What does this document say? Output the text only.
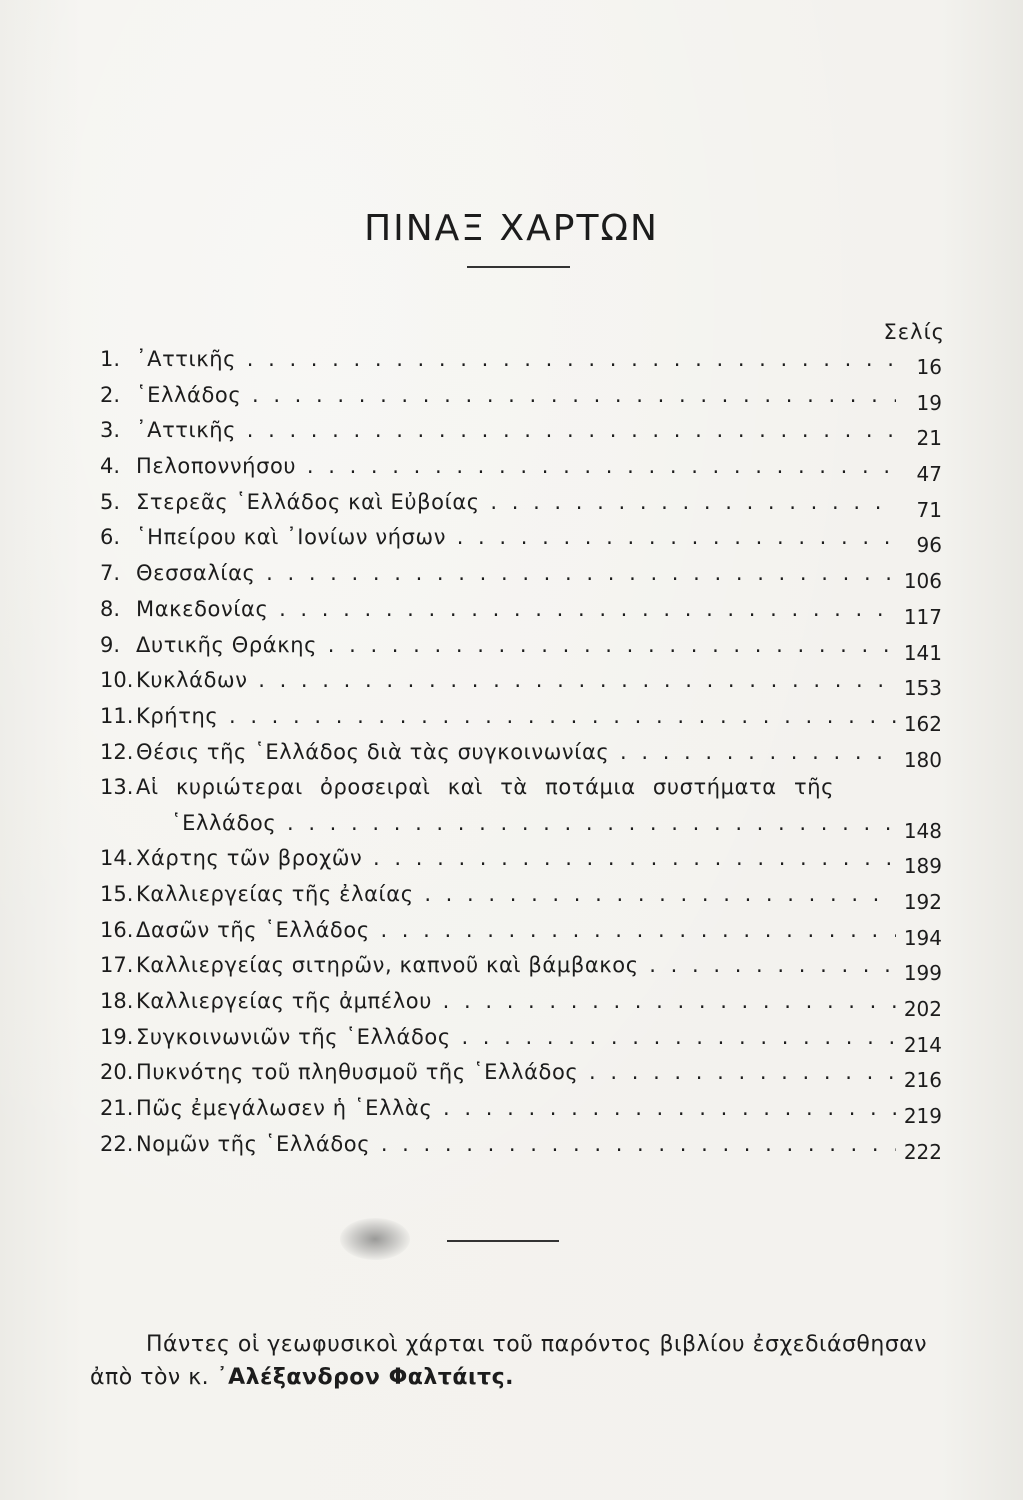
ΠΙΝΑΞ ΧΑΡΤΩΝ
Σελίς
1. ᾿Αττικῆς . . .	16
2. ῾Ελλάδος . . .	19
3. ᾿Αττικῆς . . .	21
4. Πελοποννήσου . . .	47
5. Στερεᾶς ῾Ελλάδος καὶ Εὐβοίας . . .	71
6. ῾Ηπείρου καὶ ᾿Ιονίων νήσων . . .	96
7. Θεσσαλίας . . .	106
8. Μακεδονίας . . .	117
9. Δυτικῆς Θράκης . . .	141
10. Κυκλάδων . . .	153
11. Κρήτης . . .	162
12. Θέσις τῆς ῾Ελλάδος διὰ τὰς συγκοινωνίας . . .	180
13. Αἱ κυριώτεραι ὀροσειραὶ καὶ τὰ ποτάμια συστήματα τῆς
῾Ελλάδος . . .	148
14. Χάρτης τῶν βροχῶν . . .	189
15. Καλλιεργείας τῆς ἐλαίας . . .	192
16. Δασῶν τῆς ῾Ελλάδος . . .	194
17. Καλλιεργείας σιτηρῶν, καπνοῦ καὶ βάμβακος . . .	199
18. Καλλιεργείας τῆς ἀμπέλου . . .	202
19. Συγκοινωνιῶν τῆς ῾Ελλάδος . . .	214
20. Πυκνότης τοῦ πληθυσμοῦ τῆς ῾Ελλάδος . . .	216
21. Πῶς ἐμεγάλωσεν ἡ ῾Ελλὰς . . .	219
22. Νομῶν τῆς ῾Ελλάδος . . .	222
Πάντες οἱ γεωφυσικοὶ χάρται τοῦ παρόντος βιβλίου ἐσχεδιάσθησαν
ἀπὸ τὸν κ. ᾿Αλέξανδρον Φαλτάιτς.
